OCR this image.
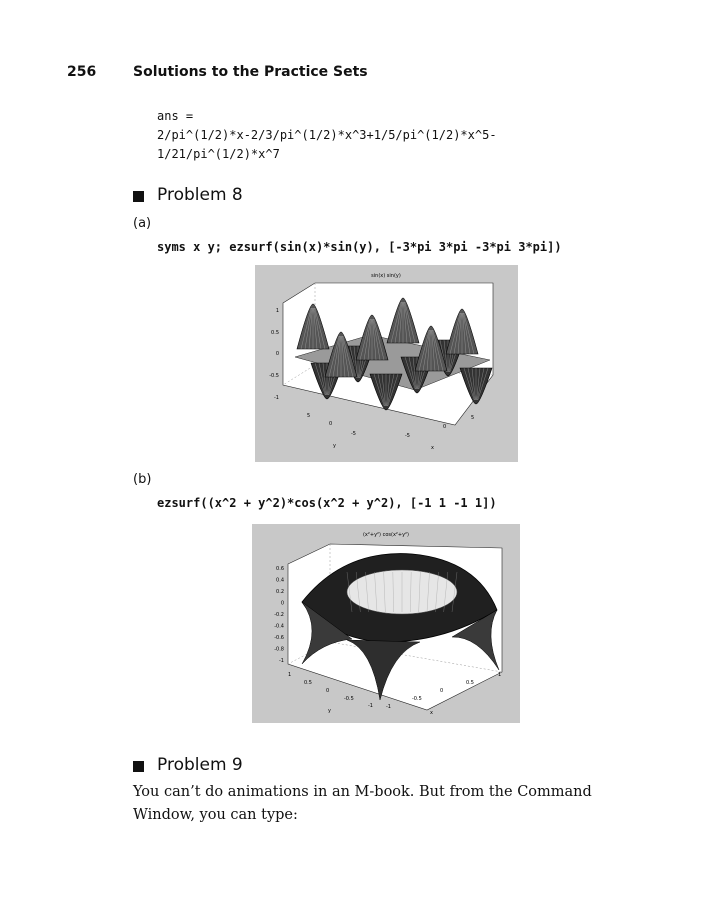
256	Solutions to the Practice Sets
ans =
2/pi^(1/2)*x-2/3/pi^(1/2)*x^3+1/5/pi^(1/2)*x^5-
1/21/pi^(1/2)*x^7
Problem 8
(a)
syms x y; ezsurf(sin(x)*sin(y), [-3*pi 3*pi -3*pi 3*pi])
sin(x) sin(y)
1
0.5
0
-0.5
-1
5
0
-5	-5
0
5
y	x
(b)
ezsurf((x^2 + y^2)*cos(x^2 + y^2), [-1 1 -1 1])
(x²+y²) cos(x²+y²)
0.6
0.4
0.2
0
-0.2
-0.4
-0.6
-0.8
-1
1
0.5
0
-0.5
-1	-1
-0.5
0
0.5
1
y	x
Problem 9
You can’t do animations in an M-book. But from the Command Window, you can type:
